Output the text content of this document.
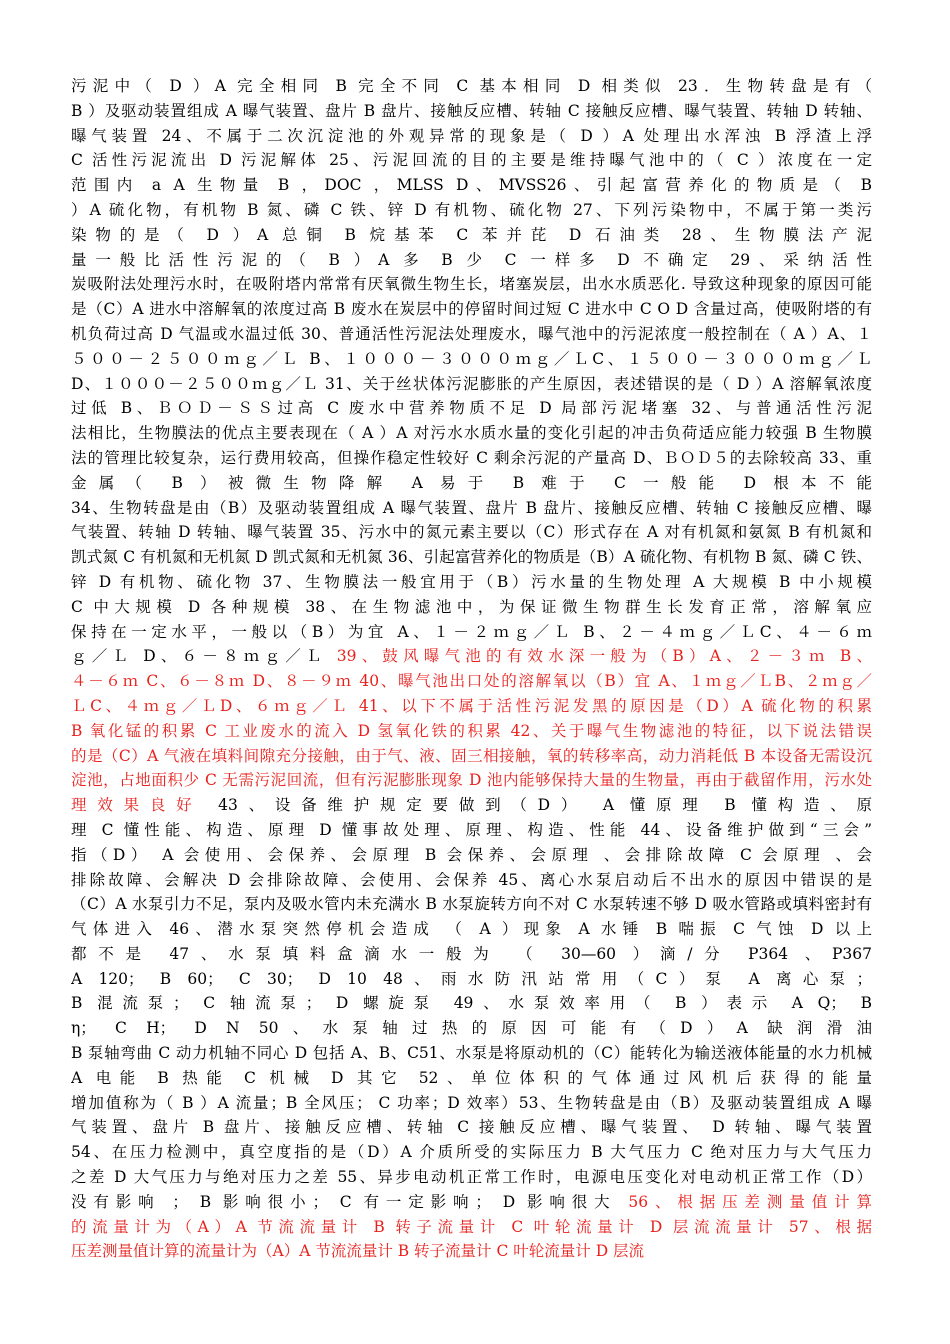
污泥中（ D ）A 完全相同 B 完全不同 C 基本相同 D 相类似 23．生物转盘是有（
B ）及驱动装置组成 A 曝气装置、盘片 B 盘片、接触反应槽、转轴 C 接触反应槽、曝气装置、转轴 D 转轴、
曝气装置 24、不属于二次沉淀池的外观异常的现象是（ D ）A 处理出水浑浊 B 浮渣上浮
C 活性污泥流出 D 污泥解体 25、污泥回流的目的主要是维持曝气池中的（ C ）浓度在一定
范围内 a A 生物量 B ，DOC ，MLSS D、MVSS26、引起富营养化的物质是（ B
）A 硫化物，有机物 B 氮、磷 C 铁、锌 D 有机物、硫化物 27、下列污染物中，不属于第一类污
染物的是（ D ）A 总铜 B 烷基苯 C 苯并芘 D 石油类 28、生物膜法产泥
量一般比活性污泥的（ B ）A 多 B 少 C 一样多 D 不确定 29、采纳活性
炭吸附法处理污水时，在吸附塔内常常有厌氧微生物生长，堵塞炭层，出水水质恶化. 导致这种现象的原因可能
是（C）A 进水中溶解氧的浓度过高 B 废水在炭层中的停留时间过短 C 进水中 C O D 含量过高，使吸附塔的有
机负荷过高 D 气温或水温过低 30、普通活性污泥法处理废水，曝气池中的污泥浓度一般控制在（ A ）A、１
５００－２５００ｍｇ／Ｌ B、１０００－３０００ｍｇ／ＬC、１５００－３０００ｍｇ／Ｌ
D、１０００－２５００ｍｇ／Ｌ 31、关于丝状体污泥膨胀的产生原因，表述错误的是（ D ）A 溶解氧浓度
过低 B、ＢＯＤ－ＳＳ过高 C 废水中营养物质不足 D 局部污泥堵塞 32、与普通活性污泥
法相比，生物膜法的优点主要表现在（ A ）A 对污水水质水量的变化引起的冲击负荷适应能力较强 B 生物膜
法的管理比较复杂，运行费用较高，但操作稳定性较好 C 剩余污泥的产量高 D、ＢＯＤ５的去除较高 33、重
金属（ B ）被微生物降解 A 易于 B 难于 C 一般能 D 根本不能
34、生物转盘是由（B）及驱动装置组成 A 曝气装置、盘片 B 盘片、接触反应槽、转轴 C 接触反应槽、曝
气装置、转轴 D 转轴、曝气装置 35、污水中的氮元素主要以（C）形式存在 A 对有机氮和氨氮 B 有机氮和
凯式氮 C 有机氮和无机氮 D 凯式氮和无机氮 36、引起富营养化的物质是（B）A 硫化物、有机物 B 氮、磷 C 铁、
锌 D 有机物、硫化物 37、生物膜法一般宜用于（B）污水量的生物处理 A 大规模 B 中小规模
C 中大规模 D 各种规模 38、在生物滤池中，为保证微生物群生长发育正常，溶解氧应
保持在一定水平，一般以（B）为宜 A、１－２ｍｇ／Ｌ B、２－４ｍｇ／ＬC、４－６ｍ
ｇ／Ｌ D、６－８ｍｇ／Ｌ 39、鼓风曝气池的有效水深一般为（B）A、２－３ｍ B、
４－６ｍ C、６－８ｍ D、８－９ｍ 40、曝气池出口处的溶解氧以（B）宜 A、１ｍｇ／ＬB、２ｍｇ／
ＬC、４ｍｇ／ＬD、６ｍｇ／Ｌ 41、以下不属于活性污泥发黑的原因是（D）A 硫化物的积累
B 氧化锰的积累 C 工业废水的流入 D 氢氧化铁的积累 42、关于曝气生物滤池的特征，以下说法错误
的是（C）A 气液在填料间隙充分接触，由于气、液、固三相接触，氧的转移率高，动力消耗低 B 本设备无需设沉
淀池，占地面积少 C 无需污泥回流，但有污泥膨胀现象 D 池内能够保持大量的生物量，再由于截留作用，污水处
理效果良好 43、设备维护规定要做到（D） A 懂原理 B 懂构造、原
理 C 懂性能、构造、原理 D 懂事故处理、原理、构造、性能 44、设备维护做到“三会”
指（D） A 会使用、会保养、会原理 B 会保养、会原理 、会排除故障 C 会原理 、会
排除故障、会解决 D 会排除故障、会使用、会保养 45、离心水泵启动后不出水的原因中错误的是
（C）A 水泵引力不足，泵内及吸水管内未充满水 B 水泵旋转方向不对 C 水泵转速不够 D 吸水管路或填料密封有
气体进入 46、潜水泵突然停机会造成 （ A ）现象 A 水锤 B 喘振 C 气蚀 D 以上
都不是 47、水泵填料盒滴水一般为 （ 30—60 ）滴/分 P364 、P367
A 120； B 60； C 30； D 10 48、雨水防汛站常用（C）泵 A 离心泵；
B 混流泵； C 轴流泵； D 螺旋泵 49、水泵效率用（ B ）表示 A Q； B
η； C H； D N 50、水泵轴过热的原因可能有（D）A 缺润滑油
B 泵轴弯曲 C 动力机轴不同心 D 包括 A、B、C51、水泵是将原动机的（C）能转化为输送液体能量的水力机械
A 电能 B 热能 C 机械 D 其它 52、单位体积的气体通过风机后获得的能量
增加值称为（ B ）A 流量；B 全风压； C 功率；D 效率）53、生物转盘是由（B）及驱动装置组成 A 曝
气装置、盘片 B 盘片、接触反应槽、转轴 C 接触反应槽、曝气装置、 D 转轴、曝气装置
54、在压力检测中，真空度指的是（D）A 介质所受的实际压力 B 大气压力 C 绝对压力与大气压力
之差 D 大气压力与绝对压力之差 55、异步电动机正常工作时，电源电压变化对电动机正常工作（D）
没有影响 ； B 影响很小； C 有一定影响； D 影响很大 56、根据压差测量值计算
的流量计为（A）A 节流流量计 B 转子流量计 C 叶轮流量计 D 层流流量计 57、根据
压差测量值计算的流量计为（A）A 节流流量计 B 转子流量计 C 叶轮流量计 D 层流
